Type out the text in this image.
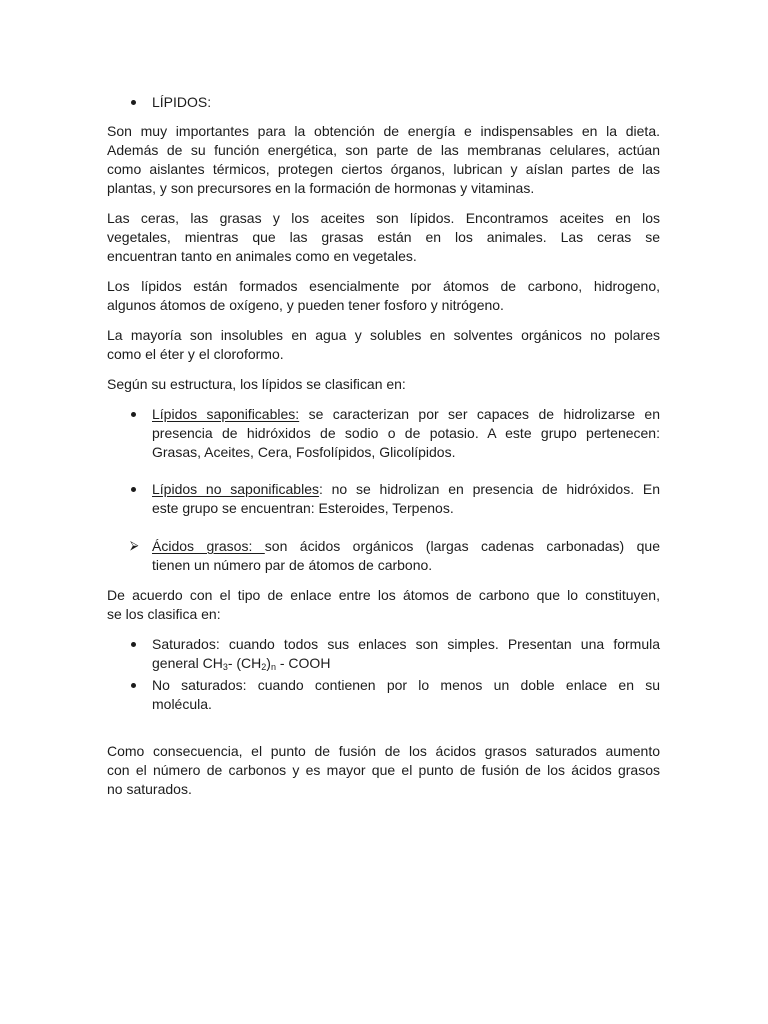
LÍPIDOS:
Son muy importantes para la obtención de energía e indispensables en la dieta.
Además de su función energética, son parte de las membranas celulares, actúan
como aislantes térmicos, protegen ciertos órganos, lubrican y aíslan partes de las
plantas, y son precursores en la formación de hormonas y vitaminas.
Las ceras, las grasas y los aceites son lípidos. Encontramos aceites en los
vegetales, mientras que las grasas están en los animales. Las ceras se
encuentran tanto en animales como en vegetales.
Los lípidos están formados esencialmente por átomos de carbono, hidrogeno,
algunos átomos de oxígeno, y pueden tener fosforo y nitrógeno.
La mayoría son insolubles en agua y solubles en solventes orgánicos no polares
como el éter y el cloroformo.
Según su estructura, los lípidos se clasifican en:
Lípidos saponificables: se caracterizan por ser capaces de hidrolizarse en
presencia de hidróxidos de sodio o de potasio. A este grupo pertenecen:
Grasas, Aceites, Cera, Fosfolípidos, Glicolípidos.
Lípidos no saponificables: no se hidrolizan en presencia de hidróxidos. En
este grupo se encuentran: Esteroides, Terpenos.
⮚ Ácidos grasos: son ácidos orgánicos (largas cadenas carbonadas) que
tienen un número par de átomos de carbono.
De acuerdo con el tipo de enlace entre los átomos de carbono que lo constituyen,
se los clasifica en:
Saturados: cuando todos sus enlaces son simples. Presentan una formula
general $CH_3-$ $(CH_2)_n$ - COOH
No saturados: cuando contienen por lo menos un doble enlace en su
molécula.
Como consecuencia, el punto de fusión de los ácidos grasos saturados aumento
con el número de carbonos y es mayor que el punto de fusión de los ácidos grasos
no saturados.
